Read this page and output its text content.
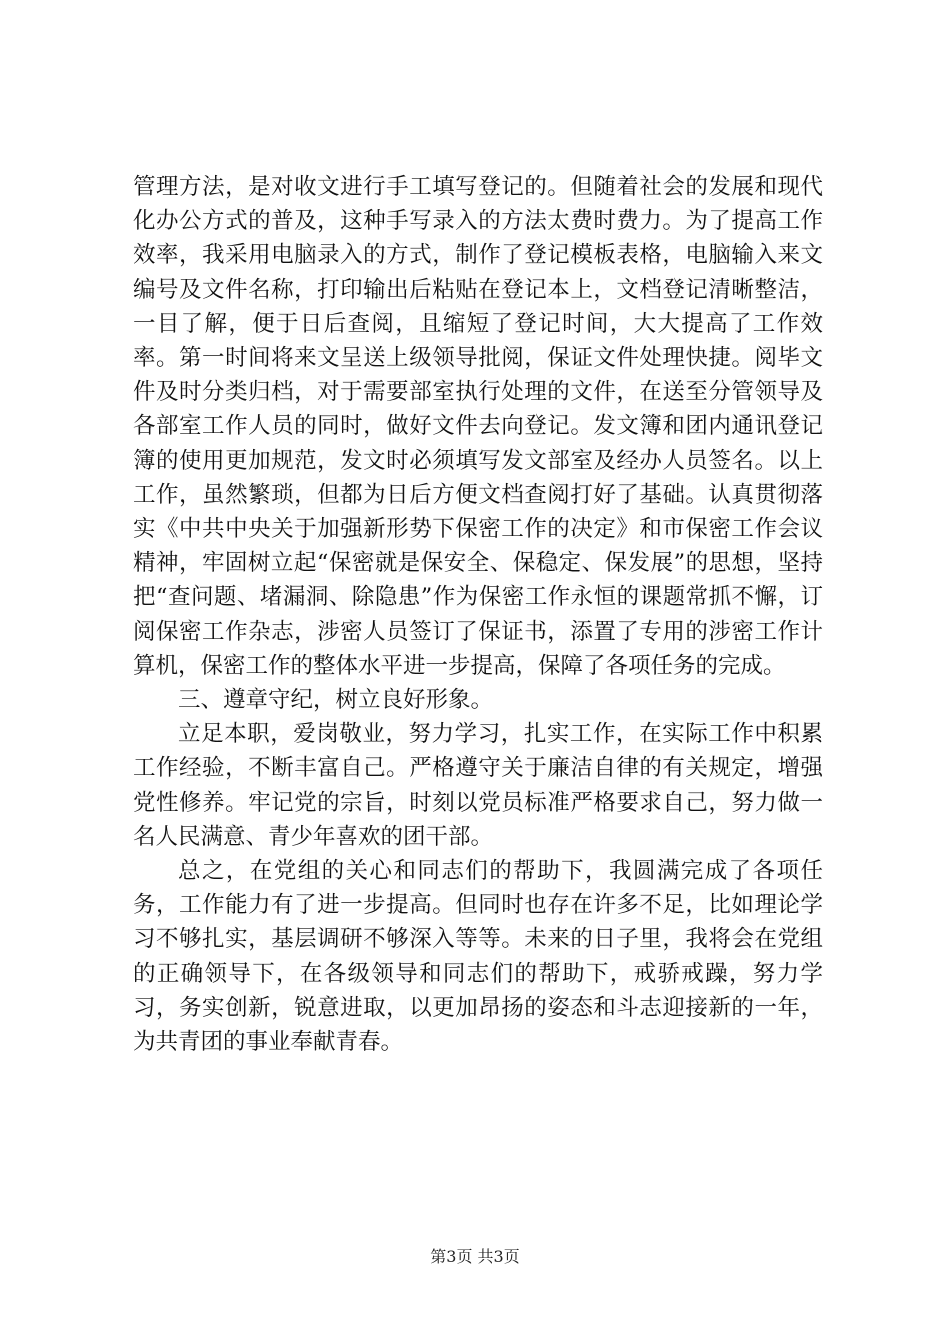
管理方法，是对收文进行手工填写登记的。但随着社会的发展和现代化办公方式的普及，这种手写录入的方法太费时费力。为了提高工作效率，我采用电脑录入的方式，制作了登记模板表格，电脑输入来文编号及文件名称，打印输出后粘贴在登记本上，文档登记清晰整洁，一目了解，便于日后查阅，且缩短了登记时间，大大提高了工作效率。第一时间将来文呈送上级领导批阅，保证文件处理快捷。阅毕文件及时分类归档，对于需要部室执行处理的文件，在送至分管领导及各部室工作人员的同时，做好文件去向登记。发文簿和团内通讯登记簿的使用更加规范，发文时必须填写发文部室及经办人员签名。以上工作，虽然繁琐，但都为日后方便文档查阅打好了基础。认真贯彻落实《中共中央关于加强新形势下保密工作的决定》和市保密工作会议精神，牢固树立起“保密就是保安全、保稳定、保发展”的思想，坚持把“查问题、堵漏洞、除隐患”作为保密工作永恒的课题常抓不懈，订阅保密工作杂志，涉密人员签订了保证书，添置了专用的涉密工作计算机，保密工作的整体水平进一步提高，保障了各项任务的完成。

三、遵章守纪，树立良好形象。

立足本职，爱岗敬业，努力学习，扎实工作，在实际工作中积累工作经验，不断丰富自己。严格遵守关于廉洁自律的有关规定，增强党性修养。牢记党的宗旨，时刻以党员标准严格要求自己，努力做一名人民满意、青少年喜欢的团干部。

总之，在党组的关心和同志们的帮助下，我圆满完成了各项任务，工作能力有了进一步提高。但同时也存在许多不足，比如理论学习不够扎实，基层调研不够深入等等。未来的日子里，我将会在党组的正确领导下，在各级领导和同志们的帮助下，戒骄戒躁，努力学习，务实创新，锐意进取，以更加昂扬的姿态和斗志迎接新的一年，为共青团的事业奉献青春。

第3页 共3页
